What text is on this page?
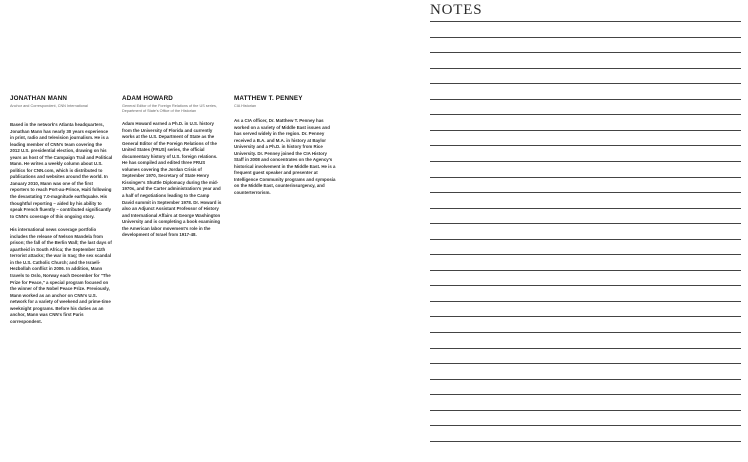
JONATHAN MANN
Anchor and Correspondent, CNN International

Based in the network's Atlanta headquarters, Jonathan Mann has nearly 30 years experience in print, radio and television journalism. He is a leading member of CNN's team covering the 2012 U.S. presidential election, drawing on his years as host of The Campaign Trail and Political Mann. He writes a weekly column about U.S. politics for CNN.com, which is distributed to publications and websites around the world. In January 2010, Mann was one of the first reporters to reach Port-au-Prince, Haiti following the devastating 7.0-magnitude earthquake. His thoughtful reporting – aided by his ability to speak French fluently – contributed significantly to CNN's coverage of this ongoing story.

His international news coverage portfolio includes the release of Nelson Mandela from prison; the fall of the Berlin Wall; the last days of apartheid in South Africa; the September 11th terrorist attacks; the war in Iraq; the sex scandal in the U.S. Catholic Church; and the Israeli-Hezbollah conflict in 2006. In addition, Mann travels to Oslo, Norway each December for "The Prize for Peace," a special program focused on the winner of the Nobel Peace Prize. Previously, Mann worked as an anchor on CNN's U.S. network for a variety of weekend and prime-time weeknight programs. Before his duties as an anchor, Mann was CNN's first Paris correspondent.

ADAM HOWARD
General Editor of the Foreign Relations of the US series, Department of State's Office of the Historian

Adam Howard earned a Ph.D. in U.S. history from the University of Florida and currently works at the U.S. Department of State as the General Editor of the Foreign Relations of the United States (FRUS) series, the official documentary history of U.S. foreign relations. He has compiled and edited three FRUS volumes covering the Jordan Crisis of September 1970, Secretary of State Henry Kissinger's Shuttle Diplomacy during the mid-1970s, and the Carter administration's year and a half of negotiations leading to the Camp David summit in September 1978. Dr. Howard is also an Adjunct Assistant Professor of History and International Affairs at George Washington University and is completing a book examining the American labor movement's role in the development of Israel from 1917-48.

MATTHEW T. PENNEY
CIA Historian

As a CIA officer, Dr. Matthew T. Penney has worked on a variety of Middle East issues and has served widely in the region. Dr. Penney received a B.A. and M.A. in history at Baylor University and a Ph.D. in history from Rice University. Dr. Penney joined the CIA History Staff in 2008 and concentrates on the Agency's historical involvement in the Middle East. He is a frequent guest speaker and presenter at Intelligence Community programs and symposia on the Middle East, counterinsurgency, and counterterrorism.

NOTES
